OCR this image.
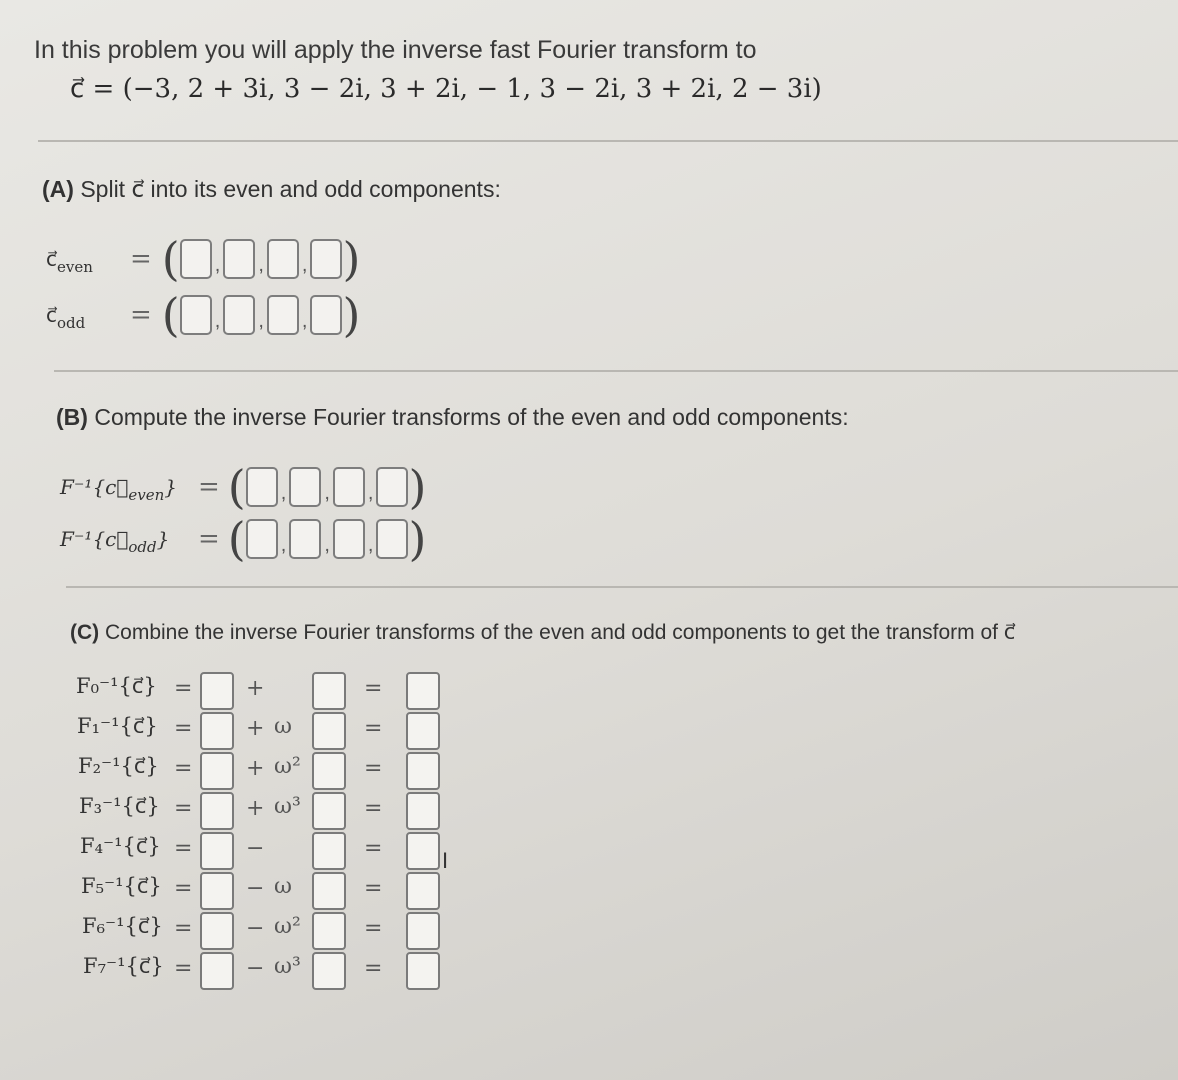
In this problem you will apply the inverse fast Fourier transform to
c⃗ = (−3, 2 + 3i, 3 − 2i, 3 + 2i, − 1, 3 − 2i, 3 + 2i, 2 − 3i)
(A) Split c⃗ into its even and odd components:
$c⃗_{even}$	= ( , , , )
$c⃗_{odd}$	= ( , , , )
(B) Compute the inverse Fourier transforms of the even and odd components:
$F^{-1}\{c⃗_{even}\}$ = ( , , , )
$F^{-1}\{c⃗_{odd}\}$	= ( , , , )
(C) Combine the inverse Fourier transforms of the even and odd components to get the transform of c⃗
F₀⁻¹{c⃗} = +	=
F₁⁻¹{c⃗} = + ω	=
F₂⁻¹{c⃗} = + ω²	=
F₃⁻¹{c⃗} = + ω³	=
F₄⁻¹{c⃗} = −	=
F₅⁻¹{c⃗} = − ω	=
F₆⁻¹{c⃗} = − ω²	=
F₇⁻¹{c⃗} = − ω³	=
I
